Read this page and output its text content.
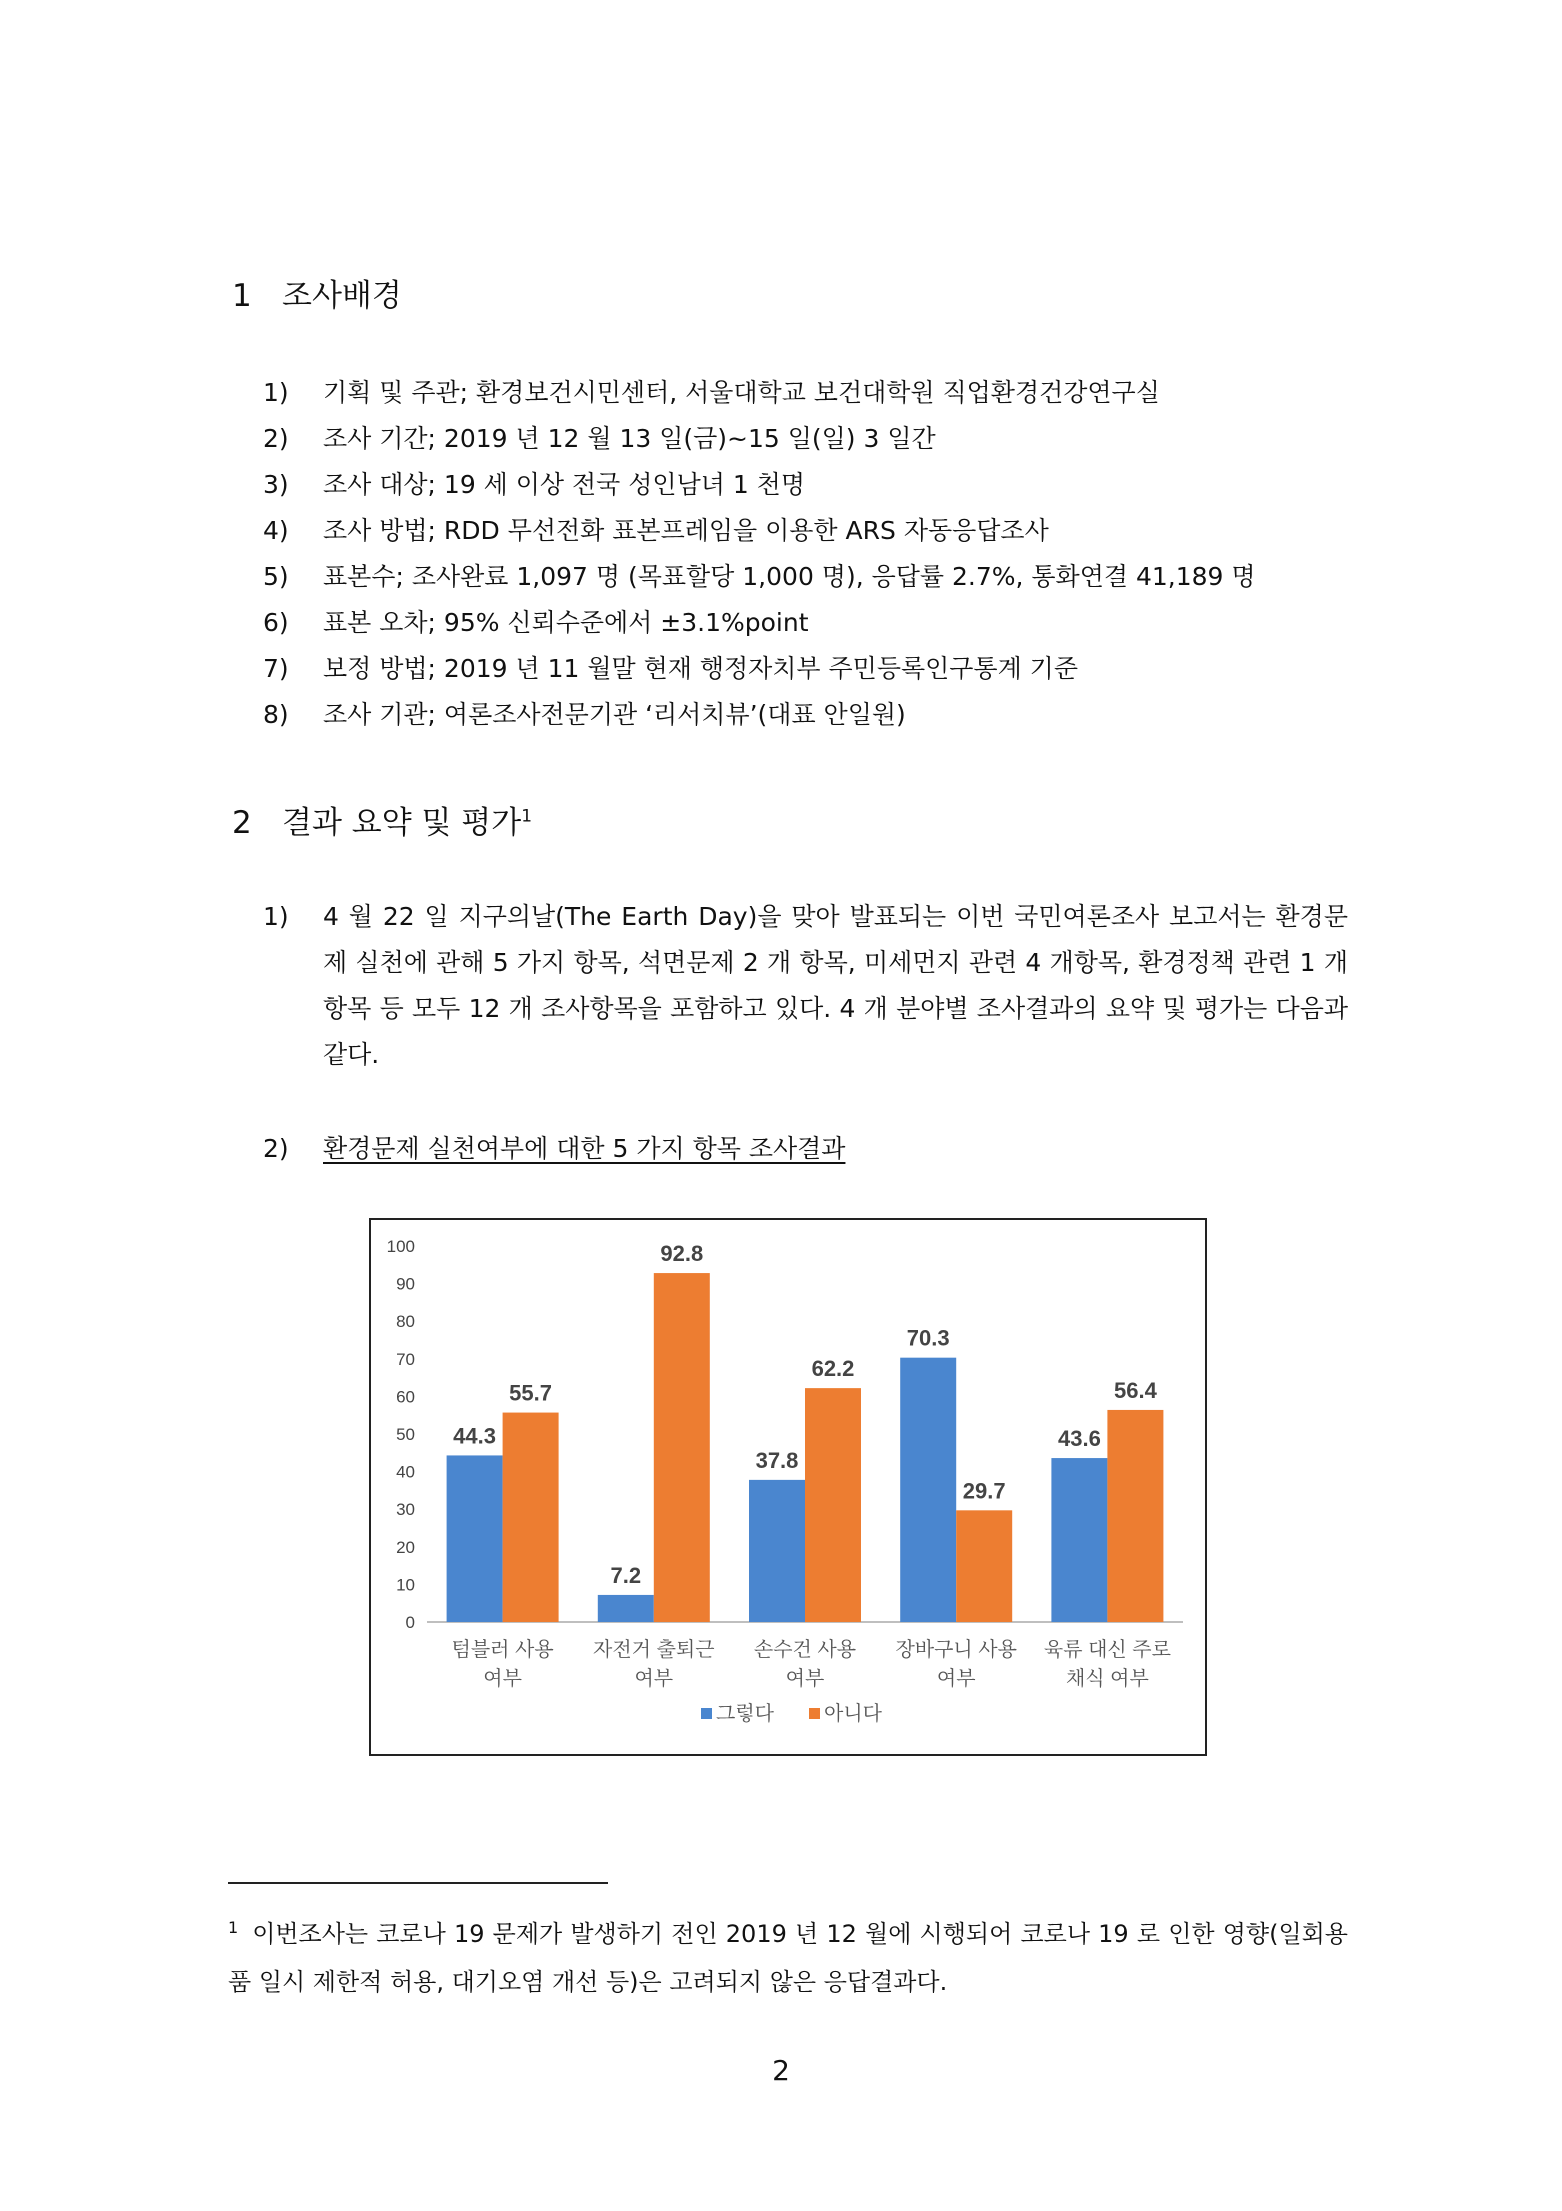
1 조사배경
1) 기획 및 주관; 환경보건시민센터, 서울대학교 보건대학원 직업환경건강연구실
2) 조사 기간; 2019 년 12 월 13 일(금)~15 일(일) 3 일간
3) 조사 대상; 19 세 이상 전국 성인남녀 1 천명
4) 조사 방법; RDD 무선전화 표본프레임을 이용한 ARS 자동응답조사
5) 표본수; 조사완료 1,097 명 (목표할당 1,000 명), 응답률 2.7%, 통화연결 41,189 명
6) 표본 오차; 95% 신뢰수준에서 ±3.1%point
7) 보정 방법; 2019 년 11 월말 현재 행정자치부 주민등록인구통계 기준
8) 조사 기관; 여론조사전문기관 ‘리서치뷰’(대표 안일원)
2 결과 요약 및 평가$^1$
1) 4 월 22 일 지구의날(The Earth Day)을 맞아 발표되는 이번 국민여론조사 보고서는 환경문제 실천에 관해 5 가지 항목, 석면문제 2 개 항목, 미세먼지 관련 4 개항목, 환경정책 관련 1 개 항목 등 모두 12 개 조사항목을 포함하고 있다. 4 개 분야별 조사결과의 요약 및 평가는 다음과 같다.
2) 환경문제 실천여부에 대한 5 가지 항목 조사결과
0
10
20
30
40
50
60
70
80
90
100
44.3
55.7
텀블러 사용
여부
7.2
92.8
자전거 출퇴근
여부
37.8
62.2
손수건 사용
여부
70.3
29.7
장바구니 사용
여부
43.6
56.4
육류 대신 주로
채식 여부
그렇다	아니다
$^1$ 이번조사는 코로나 19 문제가 발생하기 전인 2019 년 12 월에 시행되어 코로나 19 로 인한 영향(일회용품 일시 제한적 허용, 대기오염 개선 등)은 고려되지 않은 응답결과다.
2
